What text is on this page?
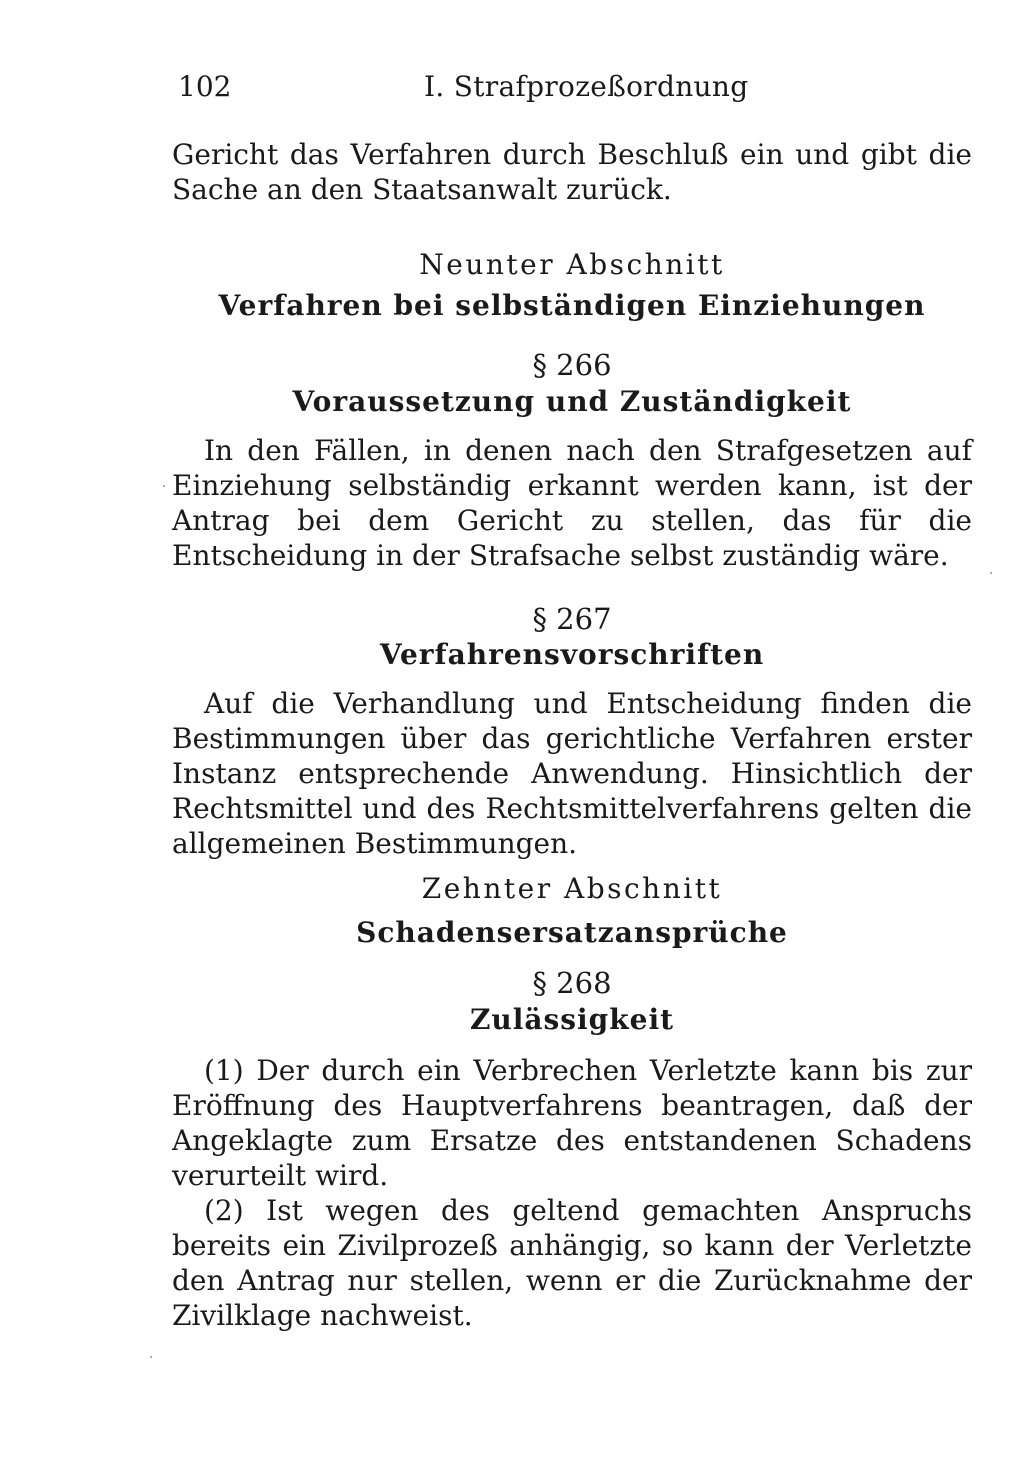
102	I. Strafprozeßordnung

Gericht das Verfahren durch Beschluß ein und gibt die Sache an den Staatsanwalt zurück.

Neunter Abschnitt
Verfahren bei selbständigen Einziehungen
§ 266
Voraussetzung und Zuständigkeit

In den Fällen, in denen nach den Strafgesetzen auf Einziehung selbständig erkannt werden kann, ist der Antrag bei dem Gericht zu stellen, das für die Entscheidung in der Strafsache selbst zuständig wäre.

§ 267
Verfahrensvorschriften

Auf die Verhandlung und Entscheidung finden die Bestimmungen über das gerichtliche Verfahren erster Instanz entsprechende Anwendung. Hinsichtlich der Rechtsmittel und des Rechtsmittelverfahrens gelten die allgemeinen Bestimmungen.

Zehnter Abschnitt
Schadensersatzansprüche
§ 268
Zulässigkeit

(1) Der durch ein Verbrechen Verletzte kann bis zur Eröffnung des Hauptverfahrens beantragen, daß der Angeklagte zum Ersatze des entstandenen Schadens verurteilt wird.

(2) Ist wegen des geltend gemachten Anspruchs bereits ein Zivilprozeß anhängig, so kann der Verletzte den Antrag nur stellen, wenn er die Zurücknahme der Zivilklage nachweist.
